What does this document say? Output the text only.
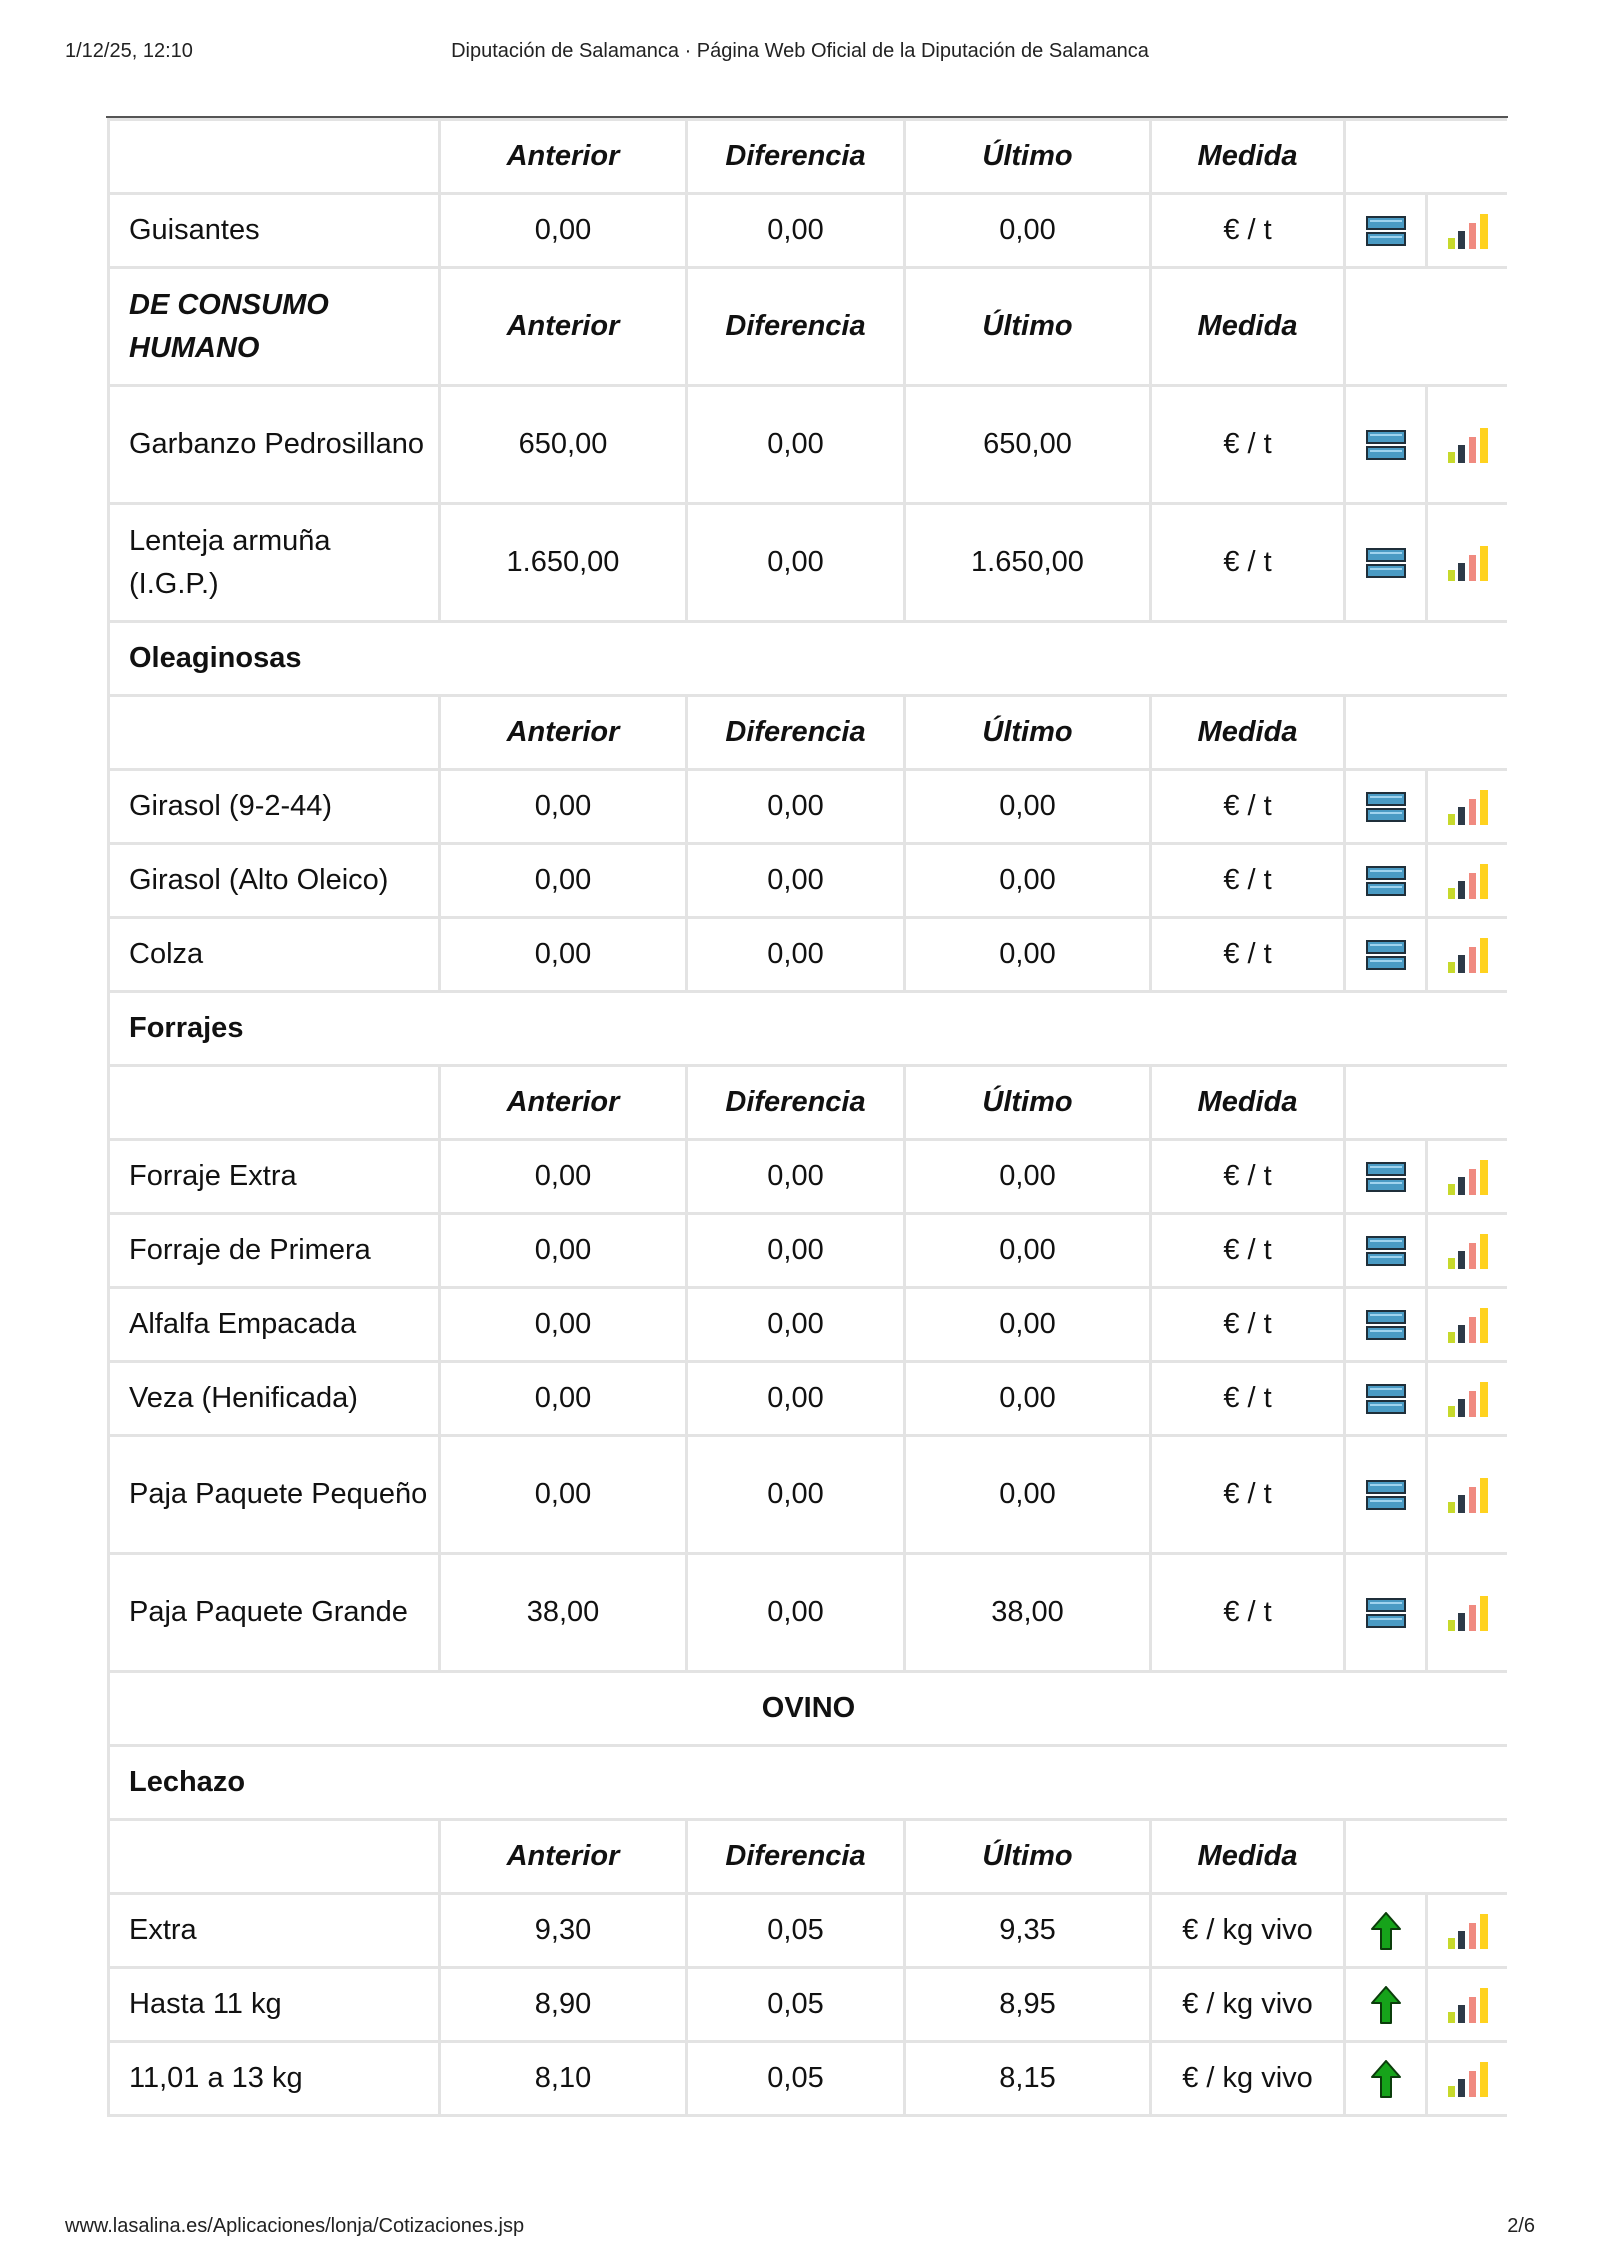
1/12/25, 12:10	Diputación de Salamanca · Página Web Oficial de la Diputación de Salamanca
	Anterior	Diferencia	Último	Medida		
Guisantes	0,00	0,00	0,00	€ / t		
DE CONSUMO HUMANO	Anterior	Diferencia	Último	Medida		
Garbanzo Pedrosillano	650,00	0,00	650,00	€ / t		
Lenteja armuña (I.G.P.)	1.650,00	0,00	1.650,00	€ / t		
Oleaginosas						
	Anterior	Diferencia	Último	Medida		
Girasol (9-2-44)	0,00	0,00	0,00	€ / t		
Girasol (Alto Oleico)	0,00	0,00	0,00	€ / t		
Colza	0,00	0,00	0,00	€ / t		
Forrajes						
	Anterior	Diferencia	Último	Medida		
Forraje Extra	0,00	0,00	0,00	€ / t		
Forraje de Primera	0,00	0,00	0,00	€ / t		
Alfalfa Empacada	0,00	0,00	0,00	€ / t		
Veza (Henificada)	0,00	0,00	0,00	€ / t		
Paja Paquete Pequeño	0,00	0,00	0,00	€ / t		
Paja Paquete Grande	38,00	0,00	38,00	€ / t		
OVINO						
Lechazo						
	Anterior	Diferencia	Último	Medida		
Extra	9,30	0,05	9,35	€ / kg vivo		
Hasta 11 kg	8,90	0,05	8,95	€ / kg vivo		
11,01 a 13 kg	8,10	0,05	8,15	€ / kg vivo		
www.lasalina.es/Aplicaciones/lonja/Cotizaciones.jsp	2/6
